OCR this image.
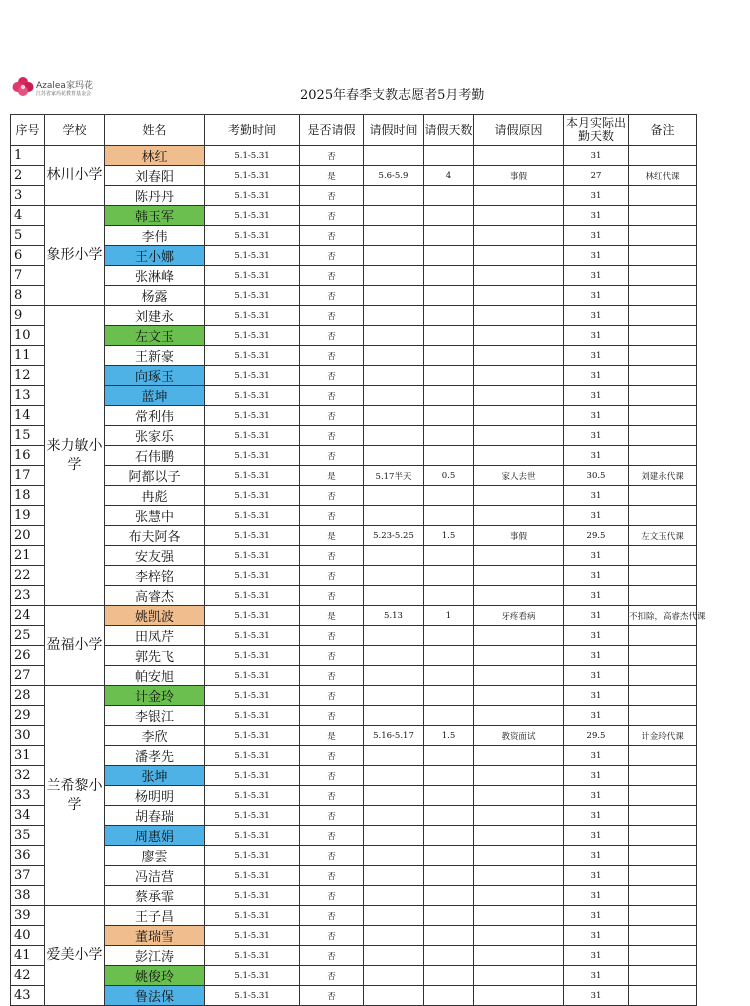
Azalea家玛花
江苏省家玛花教育基金会	2025年春季支教志愿者5月考勤
序号	学校	姓名	考勤时间	是否请假	请假时间	请假天数	请假原因	本月实际出勤天数	备注
1	林川小学	林红	5.1-5.31	否				31	
2		刘春阳	5.1-5.31	是	5.6-5.9	4	事假	27	林红代课
3		陈丹丹	5.1-5.31	否				31	
4	象形小学	韩玉军	5.1-5.31	否				31	
5		李伟	5.1-5.31	否				31	
6		王小娜	5.1-5.31	否				31	
7		张淋峰	5.1-5.31	否				31	
8		杨露	5.1-5.31	否				31	
9	来力敏小学	刘建永	5.1-5.31	否				31	
10		左文玉	5.1-5.31	否				31	
11		王新豪	5.1-5.31	否				31	
12		向琢玉	5.1-5.31	否				31	
13		蓝坤	5.1-5.31	否				31	
14		常利伟	5.1-5.31	否				31	
15		张家乐	5.1-5.31	否				31	
16		石伟鹏	5.1-5.31	否				31	
17		阿都以子	5.1-5.31	是	5.17半天	0.5	家人去世	30.5	刘建永代课
18		冉彪	5.1-5.31	否				31	
19		张慧中	5.1-5.31	否				31	
20		布夫阿各	5.1-5.31	是	5.23-5.25	1.5	事假	29.5	左文玉代课
21		安友强	5.1-5.31	否				31	
22		李梓铭	5.1-5.31	否				31	
23		高睿杰	5.1-5.31	否				31	
24	盈福小学	姚凯波	5.1-5.31	是	5.13	1	牙疼看病	31	不扣除，高睿杰代课
25		田凤芹	5.1-5.31	否				31	
26		郭先飞	5.1-5.31	否				31	
27		帕安旭	5.1-5.31	否				31	
28	兰希黎小学	计金玲	5.1-5.31	否				31	
29		李银江	5.1-5.31	否				31	
30		李欣	5.1-5.31	是	5.16-5.17	1.5	教资面试	29.5	计金玲代课
31		潘孝先	5.1-5.31	否				31	
32		张坤	5.1-5.31	否				31	
33		杨明明	5.1-5.31	否				31	
34		胡春瑞	5.1-5.31	否				31	
35		周惠娟	5.1-5.31	否				31	
36		廖雲	5.1-5.31	否				31	
37		冯洁营	5.1-5.31	否				31	
38		蔡承霏	5.1-5.31	否				31	
39	爱美小学	王子昌	5.1-5.31	否				31	
40		董瑞雪	5.1-5.31	否				31	
41		彭江涛	5.1-5.31	否				31	
42		姚俊玲	5.1-5.31	否				31	
43		鲁法保	5.1-5.31	否				31	
